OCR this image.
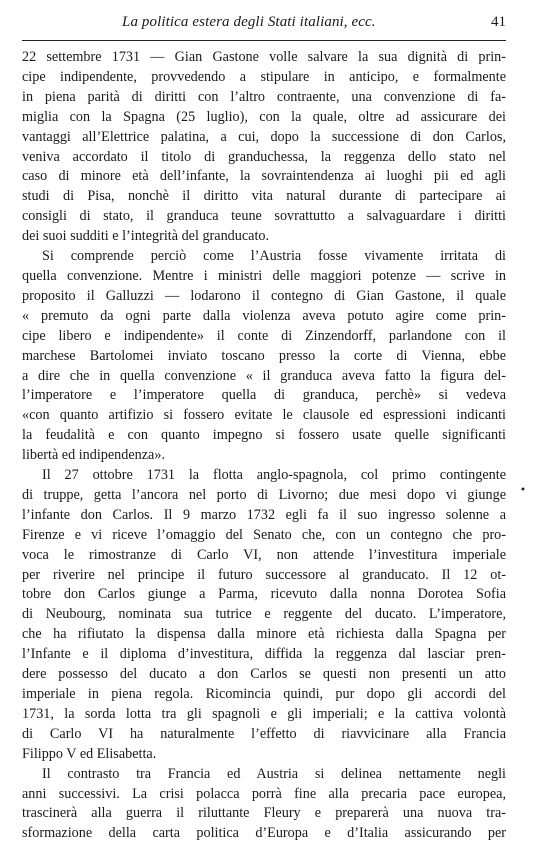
La politica estera degli Stati italiani, ecc.	41

22 settembre 1731 — Gian Gastone volle salvare la sua dignità di prin-
cipe indipendente, provvedendo a stipulare in anticipo, e formalmente
in piena parità di diritti con l’altro contraente, una convenzione di fa-
miglia con la Spagna (25 luglio), con la quale, oltre ad assicurare dei
vantaggi all’Elettrice palatina, a cui, dopo la successione di don Carlos,
veniva accordato il titolo di granduchessa, la reggenza dello stato nel
caso di minore età dell’infante, la sovraintendenza ai luoghi pii ed agli
studi di Pisa, nonchè il diritto vita natural durante di partecipare ai
consigli di stato, il granduca teune sovrattutto a salvaguardare i diritti
dei suoi sudditi e l’integrità del granducato.

Si comprende perciò come l’Austria fosse vivamente irritata di
quella convenzione. Mentre i ministri delle maggiori potenze — scrive in
proposito il Galluzzi — lodarono il contegno di Gian Gastone, il quale
« premuto da ogni parte dalla violenza aveva potuto agire come prin-
cipe libero e indipendente» il conte di Zinzendorff, parlandone con il
marchese Bartolomei inviato toscano presso la corte di Vienna, ebbe
a dire che in quella convenzione « il granduca aveva fatto la figura del-
l’imperatore e l’imperatore quella di granduca, perchè» si vedeva
«con quanto artifizio si fossero evitate le clausole ed espressioni indicanti
la feudalità e con quanto impegno si fossero usate quelle significanti
libertà ed indipendenza».

Il 27 ottobre 1731 la flotta anglo-spagnola, col primo contingente
di truppe, getta l’ancora nel porto di Livorno; due mesi dopo vi giunge
l’infante don Carlos. Il 9 marzo 1732 egli fa il suo ingresso solenne a
Firenze e vi riceve l’omaggio del Senato che, con un contegno che pro-
voca le rimostranze di Carlo VI, non attende l’investitura imperiale
per riverire nel principe il futuro successore al granducato. Il 12 ot-
tobre don Carlos giunge a Parma, ricevuto dalla nonna Dorotea Sofia
di Neubourg, nominata sua tutrice e reggente del ducato. L’imperatore,
che ha rifiutato la dispensa dalla minore età richiesta dalla Spagna per
l’Infante e il diploma d’investitura, diffida la reggenza dal lasciar pren-
dere possesso del ducato a don Carlos se questi non presenti un atto
imperiale in piena regola. Ricomincia quindi, pur dopo gli accordi del
1731, la sorda lotta tra gli spagnoli e gli imperiali; e la cattiva volontà
di Carlo VI ha naturalmente l’effetto di riavvicinare alla Francia
Filippo V ed Elisabetta.

Il contrasto tra Francia ed Austria si delinea nettamente negli
anni successivi. La crisi polacca porrà fine alla precaria pace europea,
trascinerà alla guerra il riluttante Fleury e preparerà una nuova tra-
sformazione della carta politica d’Europa e d’Italia assicurando per

•
